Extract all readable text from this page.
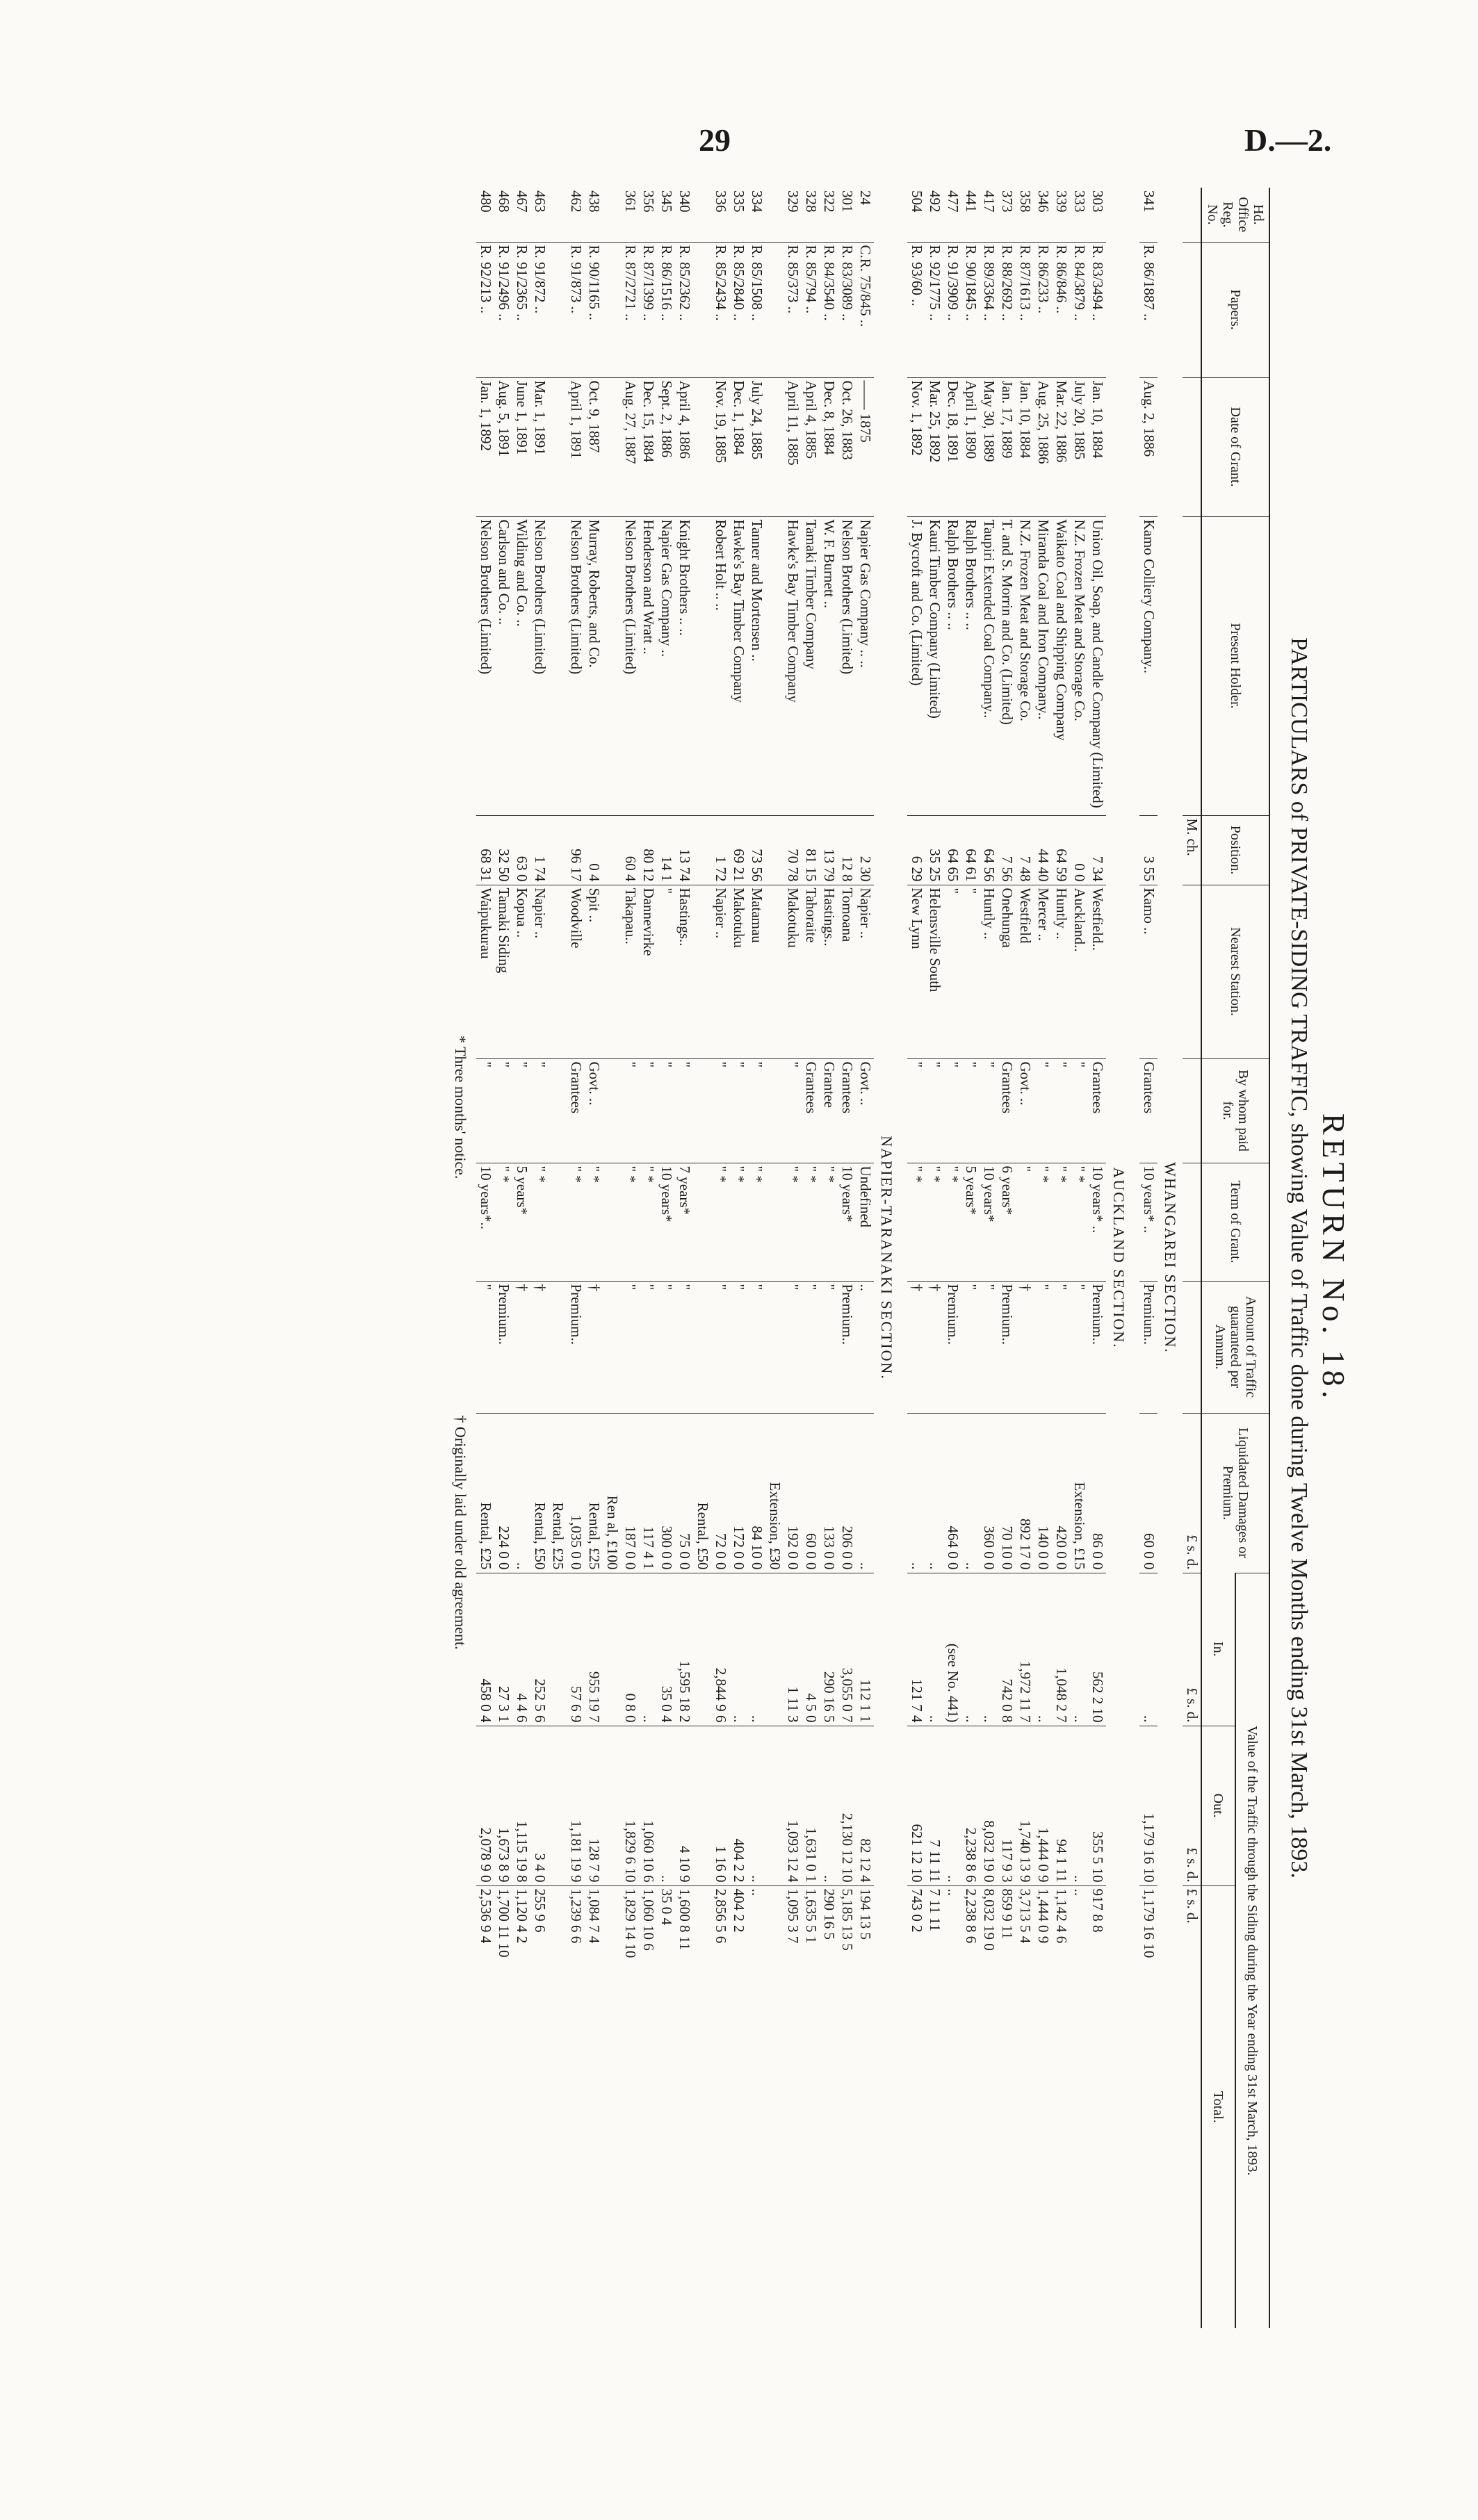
29	D.—2.
RETURN No. 18.
PARTICULARS of PRIVATE-SIDING TRAFFIC, showing Value of Traffic done during Twelve Months ending 31st March, 1893.
Hd. Office Reg. No.	Papers.	Date of Grant.	Present Holder.	Position.	Nearest Station.	By whom paid for.	Term of Grant.	Amount of Traffic guaranteed per Annum.	Liquidated Damages or Premium.	Value of the Traffic through the Siding during the Year ending 31st March, 1893.		
										In.	Out.	Total.
				M. ch.					£ s. d.	£ s. d.	£ s. d.	£ s. d.
WHANGAREI SECTION.												
341	R. 86/1887 ..	Aug. 2, 1886	Kamo Colliery Company..	3 55	Kamo ..	Grantees	10 years* ..	Premium..	60 0 0	..	1,179 16 10	1,179 16 10

AUCKLAND SECTION.												
303	R. 83/3494 ..	Jan. 10, 1884	Union Oil, Soap, and Candle Company (Limited)	7 34	Westfield..	Grantees	10 years* ..	Premium..	86 0 0	562 2 10	355 5 10	917 8 8
333	R. 84/3879 ..	July 20, 1885	N.Z. Frozen Meat and Storage Co.	0 0	Auckland..	"	" *	"	Extension, £15	..	..	..
339	R. 86/846 ..	Mar. 22, 1886	Waikato Coal and Shipping Company	64 59	Huntly ..	"	" *	"	420 0 0	1,048 2 7	94 1 11	1,142 4 6
346	R. 86/233 ..	Aug. 25, 1886	Miranda Coal and Iron Company..	44 40	Mercer ..	"	" *	"	140 0 0	..	1,444 0 9	1,444 0 9
358	R. 87/1613 ..	Jan. 10, 1884	N.Z. Frozen Meat and Storage Co.	7 48	Westfield	Govt. ..	"	†	892 17 0	1,972 11 7	1,740 13 9	3,713 5 4
373	R. 88/2692 ..	Jan. 17, 1889	T. and S. Morrin and Co. (Limited)	7 56	Onehunga	Grantees	6 years*	Premium..	70 10 0	742 0 8	117 9 3	859 9 11
417	R. 89/3364 ..	May 30, 1889	Taupiri Extended Coal Company..	64 56	Huntly ..	"	10 years*	"	360 0 0	..	8,032 19 0	8,032 19 0
441	R. 90/1845 ..	April 1, 1890	Ralph Brothers .. ..	64 61	"	"	5 years*	"	..	..	2,238 8 6	2,238 8 6
477	R. 91/3909 ..	Dec. 18, 1891	Ralph Brothers .. ..	64 65	"	"	" *	Premium..	464 0 0	(see No. 441)	..	..
492	R. 92/1775 ..	Mar. 25, 1892	Kauri Timber Company (Limited)	35 25	Helensville South	"	" *	†	..	..	7 11 11	7 11 11
504	R. 93/60 ..	Nov. 1, 1892	J. Bycroft and Co. (Limited)	6 29	New Lynn	"	" *	†	..	121 7 4	621 12 10	743 0 2

NAPIER-TARANAKI SECTION.												
24	C.R. 75/845 ..	—— 1875	Napier Gas Company .. ..	2 30	Napier ..	Govt. ..	Undefined	..	..	112 1 1	82 12 4	194 13 5
301	R. 83/3089 ..	Oct. 26, 1883	Nelson Brothers (Limited)	12 8	Tomoana	Grantees	10 years*	Premium..	206 0 0	3,055 0 7	2,130 12 10	5,185 13 5
322	R. 84/3540 ..	Dec. 8, 1884	W. F. Burnett ..	13 79	Hastings..	Grantee	" *	"	133 0 0	290 16 5	..	290 16 5
328	R. 85/794 ..	April 4, 1885	Tamaki Timber Company	81 15	Tahoraite	Grantees	" *	"	60 0 0	4 5 0	1,631 0 1	1,635 5 1
329	R. 85/373 ..	April 11, 1885	Hawke's Bay Timber Company	70 78	Makotuku	"	" *	"	192 0 0	1 11 3	1,093 12 4	1,095 3 7
									Extension, £30			
334	R. 85/1508 ..	July 24, 1885	Tanner and Mortensen ..	73 56	Matamau	"	" *	"	84 10 0	..	..	..
335	R. 85/2840 ..	Dec. 1, 1884	Hawke's Bay Timber Company	69 21	Makotuku	"	" *	"	172 0 0	..	404 2 2	404 2 2
336	R. 85/2434 ..	Nov. 19, 1885	Robert Holt .. ..	1 72	Napier ..	"	" *	"	72 0 0	2,844 9 6	1 16 0	2,856 5 6
									Rental, £50			
340	R. 85/2362 ..	April 4, 1886	Knight Brothers .. ..	13 74	Hastings..	"	7 years*	"	75 0 0	1,595 18 2	4 10 9	1,600 8 11
345	R. 86/1516 ..	Sept. 2, 1886	Napier Gas Company ..	14 1	"	"	10 years*	"	300 0 0	35 0 4	..	35 0 4
356	R. 87/1399 ..	Dec. 15, 1884	Henderson and Wratt ..	80 12	Dannevirke	"	" *	"	117 4 1	..	1,060 10 6	1,060 10 6
361	R. 87/2721 ..	Aug. 27, 1887	Nelson Brothers (Limited)	60 4	Takapau..	"	" *	"	187 0 0	0 8 0	1,829 6 10	1,829 14 10
									Ren al, £100			
438	R. 90/1165 ..	Oct. 9, 1887	Murray, Roberts, and Co.	0 4	Spit ..	Govt. ..	" *	†	Rental, £25	955 19 7	128 7 9	1,084 7 4
462	R. 91/873 ..	April 1, 1891	Nelson Brothers (Limited)	96 17	Woodville	Grantees	" *	Premium..	1,035 0 0	57 6 9	1,181 19 9	1,239 6 6
									Rental, £25			
463	R. 91/872 ..	Mar. 1, 1891	Nelson Brothers (Limited)	1 74	Napier ..	"	" *	†	Rental, £50	252 5 6	3 4 0	255 9 6
467	R. 91/2365 ..	June 1, 1891	Wilding and Co. ..	63 0	Kopua ..	"	5 years*	†	..	4 4 6	1,115 19 8	1,120 4 2
468	R. 91/2496 ..	Aug. 5, 1891	Carlson and Co. ..	32 50	Tamaki Siding	"	" *	Premium..	224 0 0	27 3 1	1,673 8 9	1,700 11 10
480	R. 92/213 ..	Jan. 1, 1892	Nelson Brothers (Limited)	68 31	Waipukurau	"	10 years*..	"	Rental, £25	458 0 4	2,078 9 0	2,536 9 4
* Three months' notice.
† Originally laid under old agreement.
